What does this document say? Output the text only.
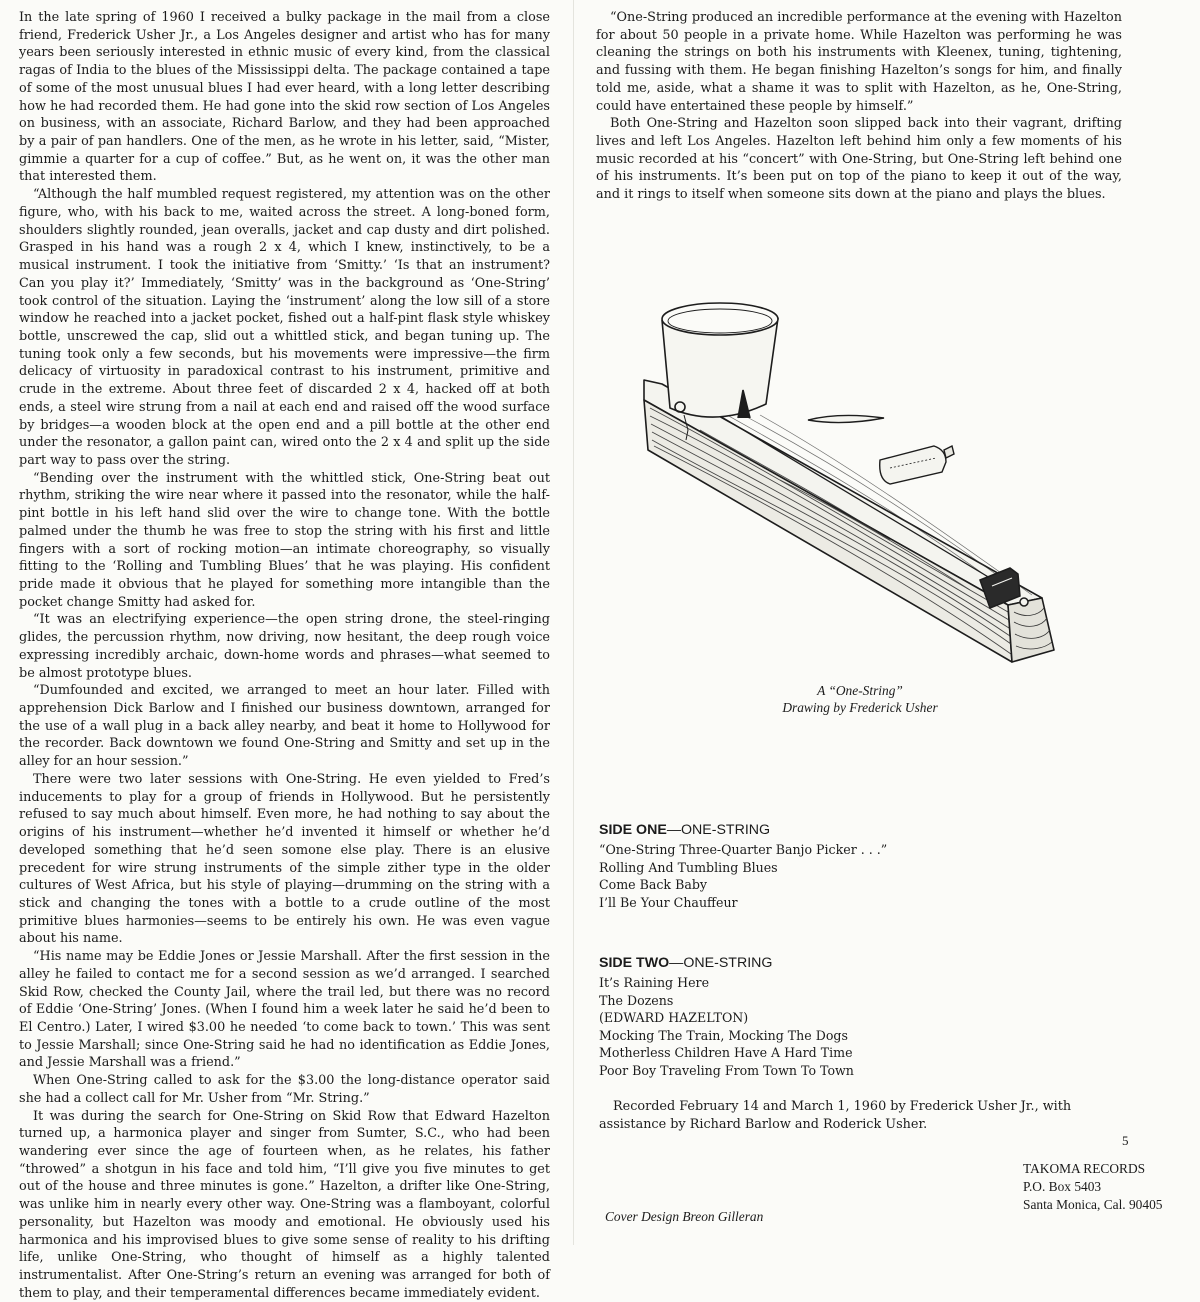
In the late spring of 1960 I received a bulky package in the mail from a close friend, Frederick Usher Jr., a Los Angeles designer and artist who has for many years been seriously interested in ethnic music of every kind, from the classical ragas of India to the blues of the Mississippi delta. The package contained a tape of some of the most unusual blues I had ever heard, with a long letter describing how he had recorded them. He had gone into the skid row section of Los Angeles on business, with an associate, Richard Barlow, and they had been approached by a pair of pan handlers. One of the men, as he wrote in his letter, said, “Mister, gimmie a quarter for a cup of coffee.” But, as he went on, it was the other man that interested them.

“Although the half mumbled request registered, my attention was on the other figure, who, with his back to me, waited across the street. A long-boned form, shoulders slightly rounded, jean overalls, jacket and cap dusty and dirt polished. Grasped in his hand was a rough 2 x 4, which I knew, instinctively, to be a musical instrument. I took the initiative from ‘Smitty.’ ‘Is that an instrument? Can you play it?’ Immediately, ‘Smitty’ was in the background as ‘One-String’ took control of the situation. Laying the ‘instrument’ along the low sill of a store window he reached into a jacket pocket, fished out a half-pint flask style whiskey bottle, unscrewed the cap, slid out a whittled stick, and began tuning up. The tuning took only a few seconds, but his movements were impressive—the firm delicacy of virtuosity in paradoxical contrast to his instrument, primitive and crude in the extreme. About three feet of discarded 2 x 4, hacked off at both ends, a steel wire strung from a nail at each end and raised off the wood surface by bridges—a wooden block at the open end and a pill bottle at the other end under the resonator, a gallon paint can, wired onto the 2 x 4 and split up the side part way to pass over the string.

“Bending over the instrument with the whittled stick, One-String beat out rhythm, striking the wire near where it passed into the resonator, while the half-pint bottle in his left hand slid over the wire to change tone. With the bottle palmed under the thumb he was free to stop the string with his first and little fingers with a sort of rocking motion—an intimate choreography, so visually fitting to the ‘Rolling and Tumbling Blues’ that he was playing. His confident pride made it obvious that he played for something more intangible than the pocket change Smitty had asked for.

“It was an electrifying experience—the open string drone, the steel-ringing glides, the percussion rhythm, now driving, now hesitant, the deep rough voice expressing incredibly archaic, down-home words and phrases—what seemed to be almost prototype blues.

“Dumfounded and excited, we arranged to meet an hour later. Filled with apprehension Dick Barlow and I finished our business downtown, arranged for the use of a wall plug in a back alley nearby, and beat it home to Hollywood for the recorder. Back downtown we found One-String and Smitty and set up in the alley for an hour session.”

There were two later sessions with One-String. He even yielded to Fred’s inducements to play for a group of friends in Hollywood. But he persistently refused to say much about himself. Even more, he had nothing to say about the origins of his instrument—whether he’d invented it himself or whether he’d developed something that he’d seen somone else play. There is an elusive precedent for wire strung instruments of the simple zither type in the older cultures of West Africa, but his style of playing—drumming on the string with a stick and changing the tones with a bottle to a crude outline of the most primitive blues harmonies—seems to be entirely his own. He was even vague about his name.

“His name may be Eddie Jones or Jessie Marshall. After the first session in the alley he failed to contact me for a second session as we’d arranged. I searched Skid Row, checked the County Jail, where the trail led, but there was no record of Eddie ‘One-String’ Jones. (When I found him a week later he said he’d been to El Centro.) Later, I wired $3.00 he needed ‘to come back to town.’ This was sent to Jessie Marshall; since One-String said he had no identification as Eddie Jones, and Jessie Marshall was a friend.”

When One-String called to ask for the $3.00 the long-distance operator said she had a collect call for Mr. Usher from “Mr. String.”

It was during the search for One-String on Skid Row that Edward Hazelton turned up, a harmonica player and singer from Sumter, S.C., who had been wandering ever since the age of fourteen when, as he relates, his father “throwed” a shotgun in his face and told him, “I’ll give you five minutes to get out of the house and three minutes is gone.” Hazelton, a drifter like One-String, was unlike him in nearly every other way. One-String was a flamboyant, colorful personality, but Hazelton was moody and emotional. He obviously used his harmonica and his improvised blues to give some sense of reality to his drifting life, unlike One-String, who thought of himself as a highly talented instrumentalist. After One-String’s return an evening was arranged for both of them to play, and their temperamental differences became immediately evident.

“One-String produced an incredible performance at the evening with Hazelton for about 50 people in a private home. While Hazelton was performing he was cleaning the strings on both his instruments with Kleenex, tuning, tightening, and fussing with them. He began finishing Hazelton’s songs for him, and finally told me, aside, what a shame it was to split with Hazelton, as he, One-String, could have entertained these people by himself.”

Both One-String and Hazelton soon slipped back into their vagrant, drifting lives and left Los Angeles. Hazelton left behind him only a few moments of his music recorded at his “concert” with One-String, but One-String left behind one of his instruments. It’s been put on top of the piano to keep it out of the way, and it rings to itself when someone sits down at the piano and plays the blues.

A “One-String”
Drawing by Frederick Usher
SIDE ONE—ONE-STRING
“One-String Three-Quarter Banjo Picker . . .”
Rolling And Tumbling Blues
Come Back Baby
I’ll Be Your Chauffeur
SIDE TWO—ONE-STRING
It’s Raining Here
The Dozens
(EDWARD HAZELTON)
Mocking The Train, Mocking The Dogs
Motherless Children Have A Hard Time
Poor Boy Traveling From Town To Town
Recorded February 14 and March 1, 1960 by Frederick Usher Jr., with assistance by Richard Barlow and Roderick Usher.
5
TAKOMA RECORDS
P.O. Box 5403
Santa Monica, Cal. 90405
Cover Design Breon Gilleran
